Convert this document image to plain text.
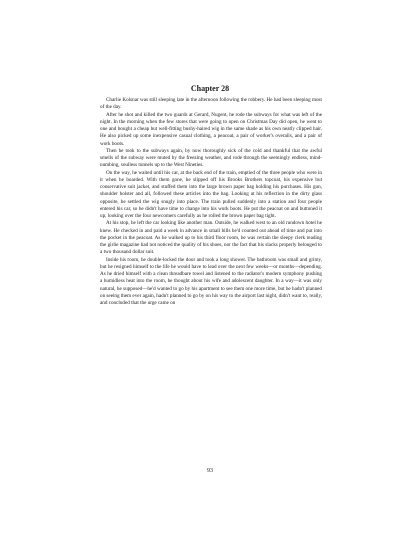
Chapter 28

Charlie Kolsnar was still sleeping late in the afternoon following the robbery. He had been sleeping most of the day.

After he shot and killed the two guards at Gerard, Nugent, he rode the subways for what was left of the night. In the morning when the few stores that were going to open on Christmas Day did open, he went to one and bought a cheap but well-fitting bushy-haired wig in the same shade as his own neatly clipped hair. He also picked up some inexpensive casual clothing, a peacoat, a pair of worker's overalls, and a pair of work boots.

Then he took to the subways again, by now thoroughly sick of the cold and thankful that the awful smells of the subway were muted by the freezing weather, and rode through the seemingly endless, mind-numbing, soulless tunnels up to the West Nineties.

On the way, he waited until his car, at the back end of the train, emptied of the three people who were in it when he boarded. With them gone, he slipped off his Brooks Brothers topcoat, his expensive but conservative suit jacket, and stuffed them into the large brown paper bag holding his purchases. His gun, shoulder holster and all, followed these articles into the bag. Looking at his reflection in the dirty glass opposite, he settled the wig snugly into place. The train pulled suddenly into a station and four people entered his car, so he didn't have time to change into his work boots. He put the peacoat on and buttoned it up, looking over the four newcomers carefully as he rolled the brown paper bag tight.

At his stop, he left the car looking like another man. Outside, he walked west to an old rundown hotel he knew. He checked in and paid a week in advance in small bills he'd counted out ahead of time and put into the pocket in the peacoat. As he walked up to his third floor room, he was certain the sleepy clerk reading the girlie magazine had not noticed the quality of his shoes, nor the fact that his slacks properly belonged to a two thousand dollar suit.

Inside his room, he double-locked the door and took a long shower. The bathroom was small and grimy, but he resigned himself to the life he would have to lead over the next few weeks—or months—depending. As he dried himself with a clean threadbare towel and listened to the radiator's modern symphony pushing a humidless heat into the room, he thought about his wife and adolescent daughter. In a way—it was only natural, he supposed—he'd wanted to go by his apartment to see them one more time, but he hadn't planned on seeing them ever again, hadn't planned to go by on his way to the airport last night, didn't want to, really, and concluded that the urge came on

93
